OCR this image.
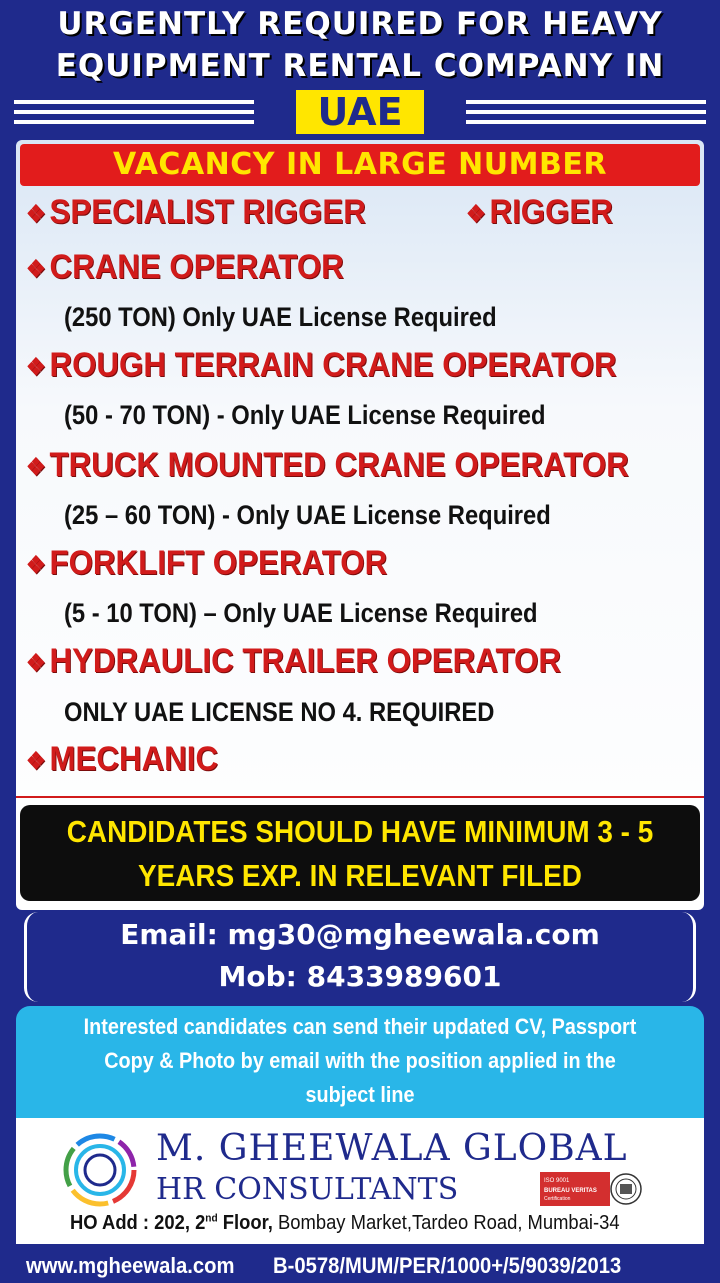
URGENTLY REQUIRED FOR HEAVY
EQUIPMENT RENTAL COMPANY IN
UAE
VACANCY IN LARGE NUMBER
❖ SPECIALIST RIGGER	❖ RIGGER
❖ CRANE OPERATOR
(250 TON) Only UAE License Required
❖ ROUGH TERRAIN CRANE OPERATOR
(50 - 70 TON) - Only UAE License Required
❖ TRUCK MOUNTED CRANE OPERATOR
(25 – 60 TON) - Only UAE License Required
❖ FORKLIFT OPERATOR
(5 - 10 TON) – Only UAE License Required
❖ HYDRAULIC TRAILER OPERATOR
ONLY UAE LICENSE NO 4. REQUIRED
❖ MECHANIC
CANDIDATES SHOULD HAVE MINIMUM 3 - 5
YEARS EXP. IN RELEVANT FILED
Email: mg30@mgheewala.com
Mob: 8433989601
Interested candidates can send their updated CV, Passport
Copy & Photo by email with the position applied in the
subject line
M. GHEEWALA GLOBAL
HR CONSULTANTS	ISO 9001
BUREAU VERITAS
Certification
HO Add : 202, 2nd Floor, Bombay Market,Tardeo Road, Mumbai-34
www.mgheewala.com B-0578/MUM/PER/1000+/5/9039/2013
